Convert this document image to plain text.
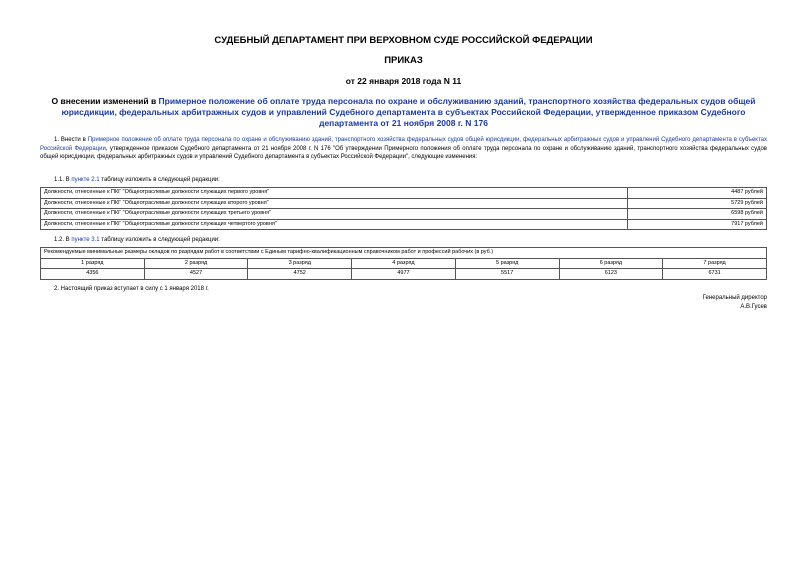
СУДЕБНЫЙ ДЕПАРТАМЕНТ ПРИ ВЕРХОВНОМ СУДЕ РОССИЙСКОЙ ФЕДЕРАЦИИ
ПРИКАЗ
от 22 января 2018 года N 11
О внесении изменений в Примерное положение об оплате труда персонала по охране и обслуживанию зданий, транспортного хозяйства федеральных судов общей юрисдикции, федеральных арбитражных судов и управлений Судебного департамента в субъектах Российской Федерации, утвержденное приказом Судебного департамента от 21 ноября 2008 г. N 176
1. Внести в Примерное положение об оплате труда персонала по охране и обслуживанию зданий, транспортного хозяйства федеральных судов общей юрисдикции, федеральных арбитражных судов и управлений Судебного департамента в субъектах Российской Федерации, утвержденное приказом Судебного департамента от 21 ноября 2008 г. N 176 "Об утверждении Примерного положения об оплате труда персонала по охране и обслуживанию зданий, транспортного хозяйства федеральных судов общей юрисдикции, федеральных арбитражных судов и управлений Судебного департамента в субъектах Российской Федерации", следующие изменения:
1.1. В пункте 2.1 таблицу изложить в следующей редакции:
Должности, отнесенные к ПКГ "Общеотраслевые должности служащих первого уровня"	4487 рублей
Должности, отнесенные к ПКГ "Общеотраслевые должности служащих второго уровня"	5729 рублей
Должности, отнесенные к ПКГ "Общеотраслевые должности служащих третьего уровня"	6598 рублей
Должности, отнесенные к ПКГ "Общеотраслевые должности служащих четвертого уровня"	7917 рублей
1.2. В пункте 3.1 таблицу изложить в следующей редакции:
Рекомендуемые минимальные размеры окладов по разрядам работ в соответствии с Единым тарифно-квалификационным справочником работ и профессий рабочих (в руб.)						
1 разряд	2 разряд	3 разряд	4 разряд	5 разряд	6 разряд	7 разряд
4356	4527	4752	4977	5517	6123	6731
2. Настоящий приказ вступает в силу с 1 января 2018 г.
Генеральный директор
А.В.Гусев
